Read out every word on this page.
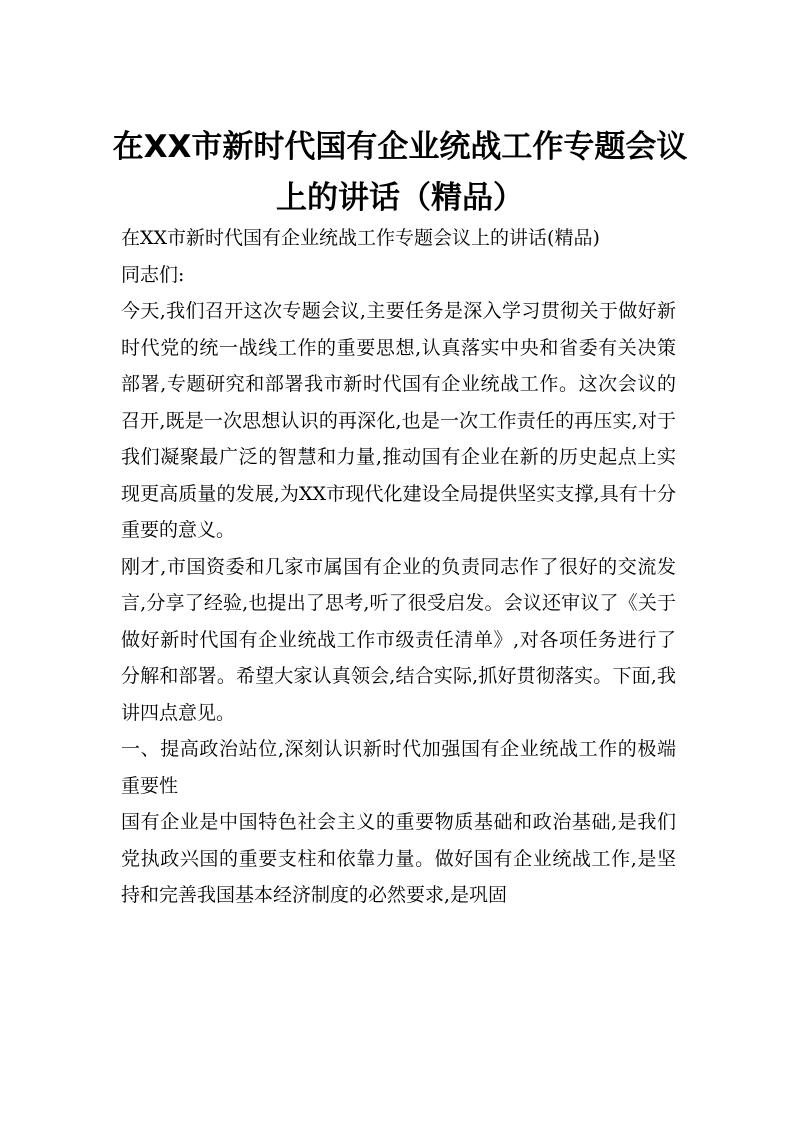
在XX市新时代国有企业统战工作专题会议
上的讲话（精品）

在XX市新时代国有企业统战工作专题会议上的讲话(精品)

同志们:

今天,我们召开这次专题会议,主要任务是深入学习贯彻关于做好新时代党的统一战线工作的重要思想,认真落实中央和省委有关决策部署,专题研究和部署我市新时代国有企业统战工作。这次会议的召开,既是一次思想认识的再深化,也是一次工作责任的再压实,对于我们凝聚最广泛的智慧和力量,推动国有企业在新的历史起点上实现更高质量的发展,为XX市现代化建设全局提供坚实支撑,具有十分重要的意义。

刚才,市国资委和几家市属国有企业的负责同志作了很好的交流发言,分享了经验,也提出了思考,听了很受启发。会议还审议了《关于做好新时代国有企业统战工作市级责任清单》,对各项任务进行了分解和部署。希望大家认真领会,结合实际,抓好贯彻落实。下面,我讲四点意见。

一、提高政治站位,深刻认识新时代加强国有企业统战工作的极端重要性

国有企业是中国特色社会主义的重要物质基础和政治基础,是我们党执政兴国的重要支柱和依靠力量。做好国有企业统战工作,是坚持和完善我国基本经济制度的必然要求,是巩固
